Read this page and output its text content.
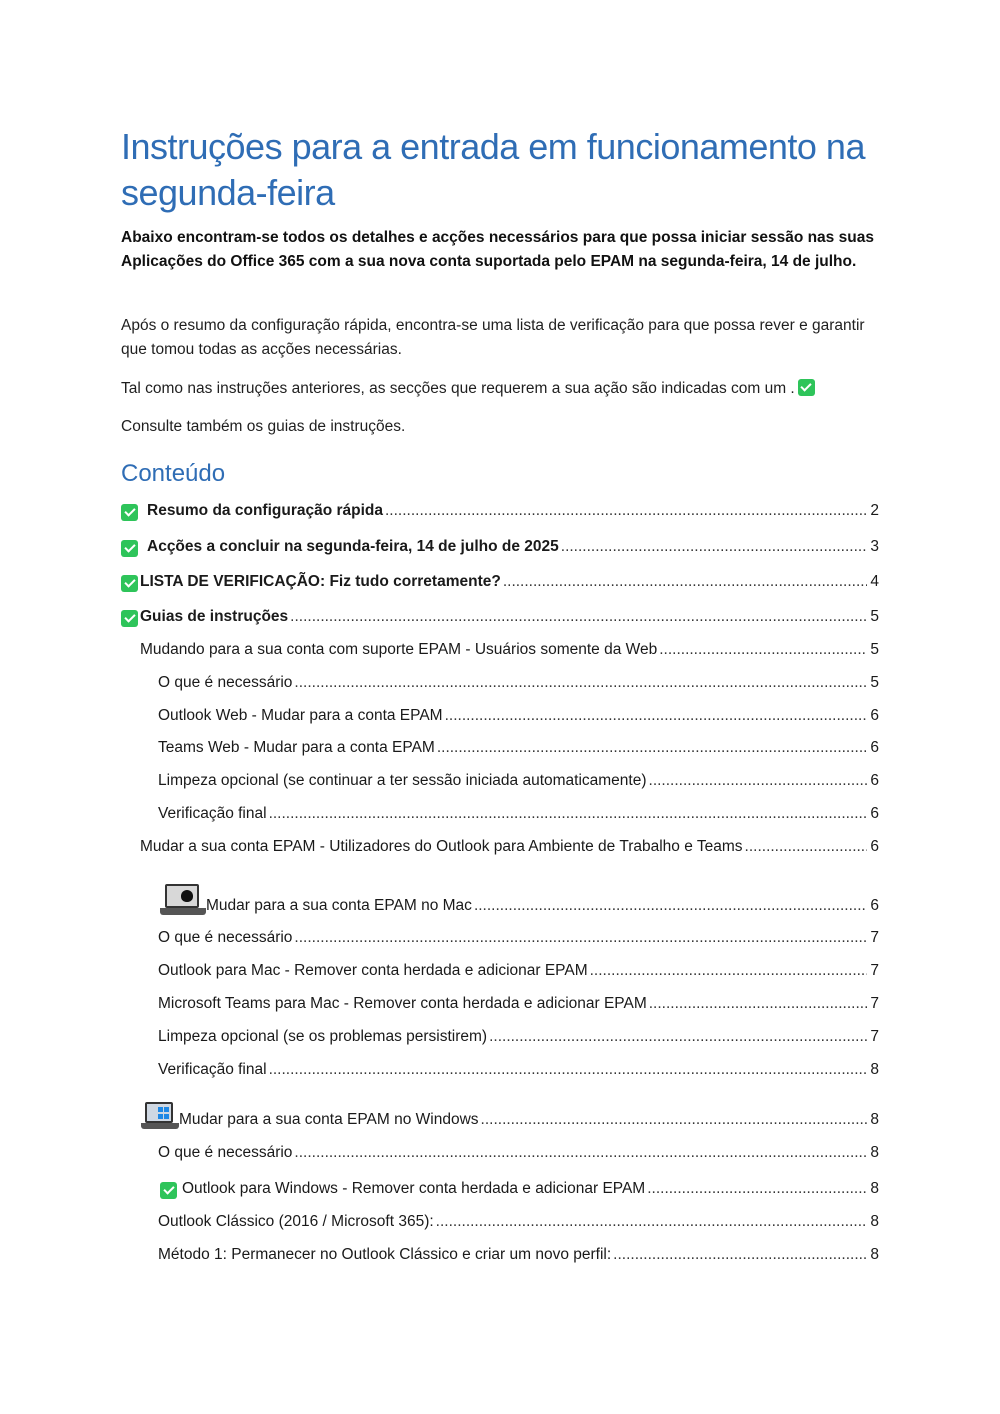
Instruções para a entrada em funcionamento na segunda-feira

Abaixo encontram-se todos os detalhes e acções necessários para que possa iniciar sessão nas suas Aplicações do Office 365 com a sua nova conta suportada pelo EPAM na segunda-feira, 14 de julho.

Após o resumo da configuração rápida, encontra-se uma lista de verificação para que possa rever e garantir que tomou todas as acções necessárias.

Tal como nas instruções anteriores, as secções que requerem a sua ação são indicadas com um .

Consulte também os guias de instruções.

Conteúdo
Resumo da configuração rápida .....	2
Acções a concluir na segunda-feira, 14 de julho de 2025 .....	3
LISTA DE VERIFICAÇÃO: Fiz tudo corretamente? .....	4
Guias de instruções .....	5
Mudando para a sua conta com suporte EPAM - Usuários somente da Web .....	5
O que é necessário .....	5
Outlook Web - Mudar para a conta EPAM .....	6
Teams Web - Mudar para a conta EPAM .....	6
Limpeza opcional (se continuar a ter sessão iniciada automaticamente) .....	6
Verificação final .....	6
Mudar a sua conta EPAM - Utilizadores do Outlook para Ambiente de Trabalho e Teams .....	6
Mudar para a sua conta EPAM no Mac .....	6
O que é necessário .....	7
Outlook para Mac - Remover conta herdada e adicionar EPAM .....	7
Microsoft Teams para Mac - Remover conta herdada e adicionar EPAM .....	7
Limpeza opcional (se os problemas persistirem) .....	7
Verificação final .....	8
Mudar para a sua conta EPAM no Windows .....	8
O que é necessário .....	8
Outlook para Windows - Remover conta herdada e adicionar EPAM .....	8
Outlook Clássico (2016 / Microsoft 365): .....	8
Método 1: Permanecer no Outlook Clássico e criar um novo perfil: .....	8
